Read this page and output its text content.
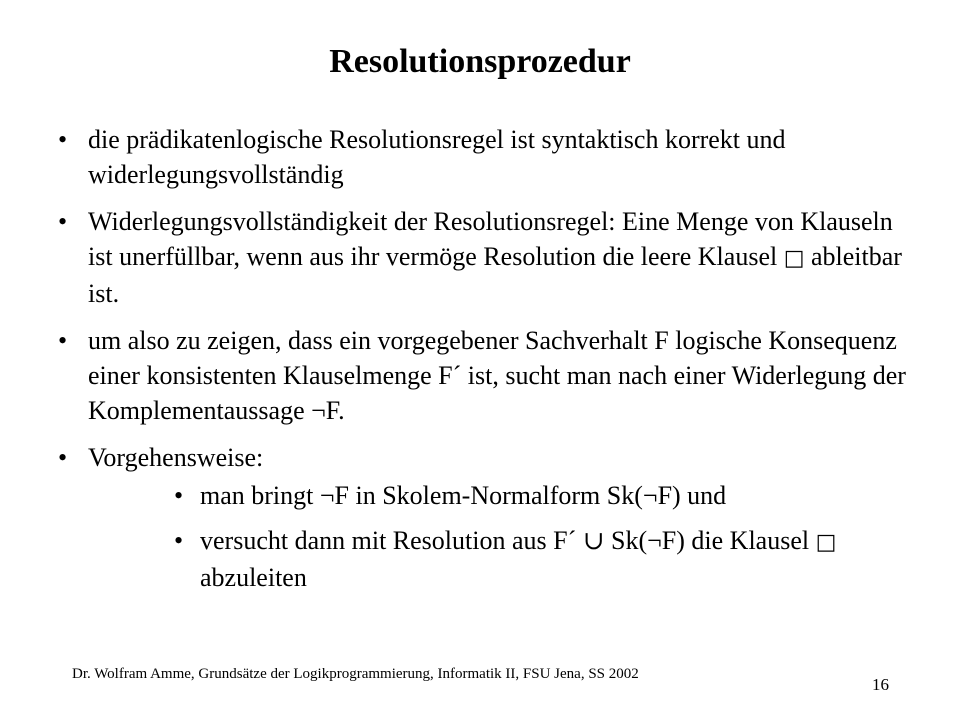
Resolutionsprozedur
• die prädikatenlogische Resolutionsregel ist syntaktisch korrekt und widerlegungsvollständig
• Widerlegungsvollständigkeit der Resolutionsregel: Eine Menge von Klauseln ist unerfüllbar, wenn aus ihr vermöge Resolution die leere Klausel □ ableitbar ist.
• um also zu zeigen, dass ein vorgegebener Sachverhalt F logische Konsequenz einer konsistenten Klauselmenge F´ ist, sucht man nach einer Widerlegung der Komplementaussage ¬F.
• Vorgehensweise:
• man bringt ¬F in Skolem-Normalform Sk(¬F) und
• versucht dann mit Resolution aus F´ ∪ Sk(¬F) die Klausel □ abzuleiten
Dr. Wolfram Amme, Grundsätze der Logikprogrammierung, Informatik II, FSU Jena, SS 2002
16
